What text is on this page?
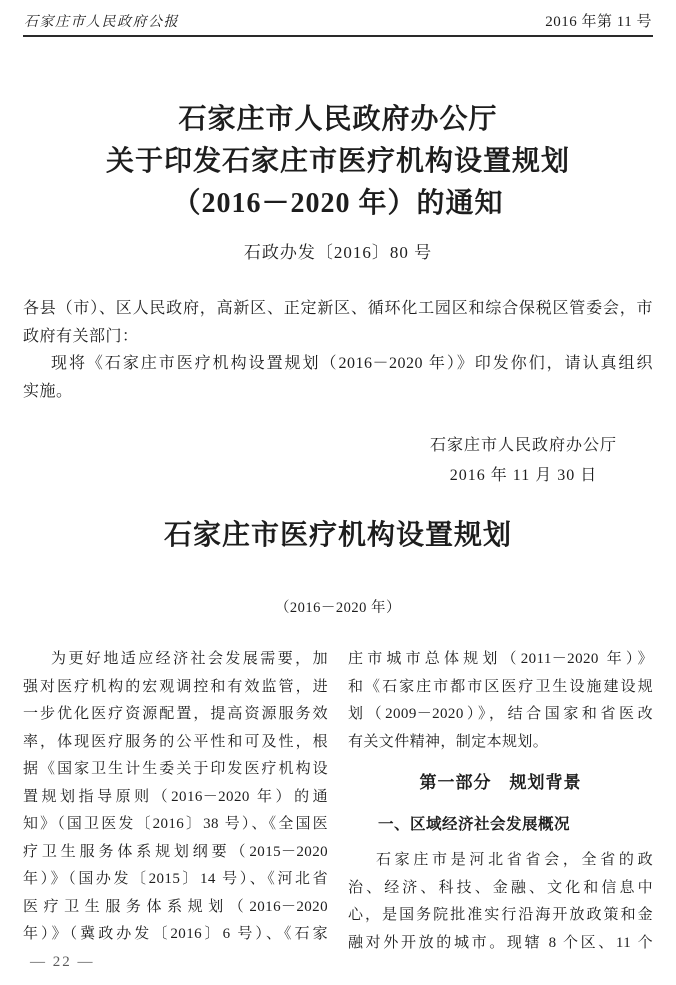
石家庄市人民政府公报	2016 年第 11 号
石家庄市人民政府办公厅
关于印发石家庄市医疗机构设置规划
（2016－2020 年）的通知
石政办发〔2016〕80 号
各县（市）、区人民政府，高新区、正定新区、循环化工园区和综合保税区管委会，市
政府有关部门：
现将《石家庄市医疗机构设置规划（2016－2020 年）》印发你们，请认真组织
实施。
石家庄市人民政府办公厅
2016 年 11 月 30 日
石家庄市医疗机构设置规划
（2016－2020 年）
为更好地适应经济社会发展需要，加
强对医疗机构的宏观调控和有效监管，进
一步优化医疗资源配置，提高资源服务效
率，体现医疗服务的公平性和可及性，根
据《国家卫生计生委关于印发医疗机构设
置规划指导原则（2016－2020 年）的通
知》（国卫医发〔2016〕38 号）、《全国医
疗卫生服务体系规划纲要（2015－2020
年）》（国办发〔2015〕14 号）、《河北省
医疗卫生服务体系规划（2016－2020
年）》（冀政办发〔2016〕6 号）、《石家
庄市城市总体规划（2011－2020 年）》
和《石家庄市都市区医疗卫生设施建设规
划（2009－2020）》，结合国家和省医改
有关文件精神，制定本规划。
第一部分　规划背景
一、区域经济社会发展概况
石家庄市是河北省省会，全省的政
治、经济、科技、金融、文化和信息中
心，是国务院批准实行沿海开放政策和金
融对外开放的城市。现辖 8 个区、11 个
— 22 —
